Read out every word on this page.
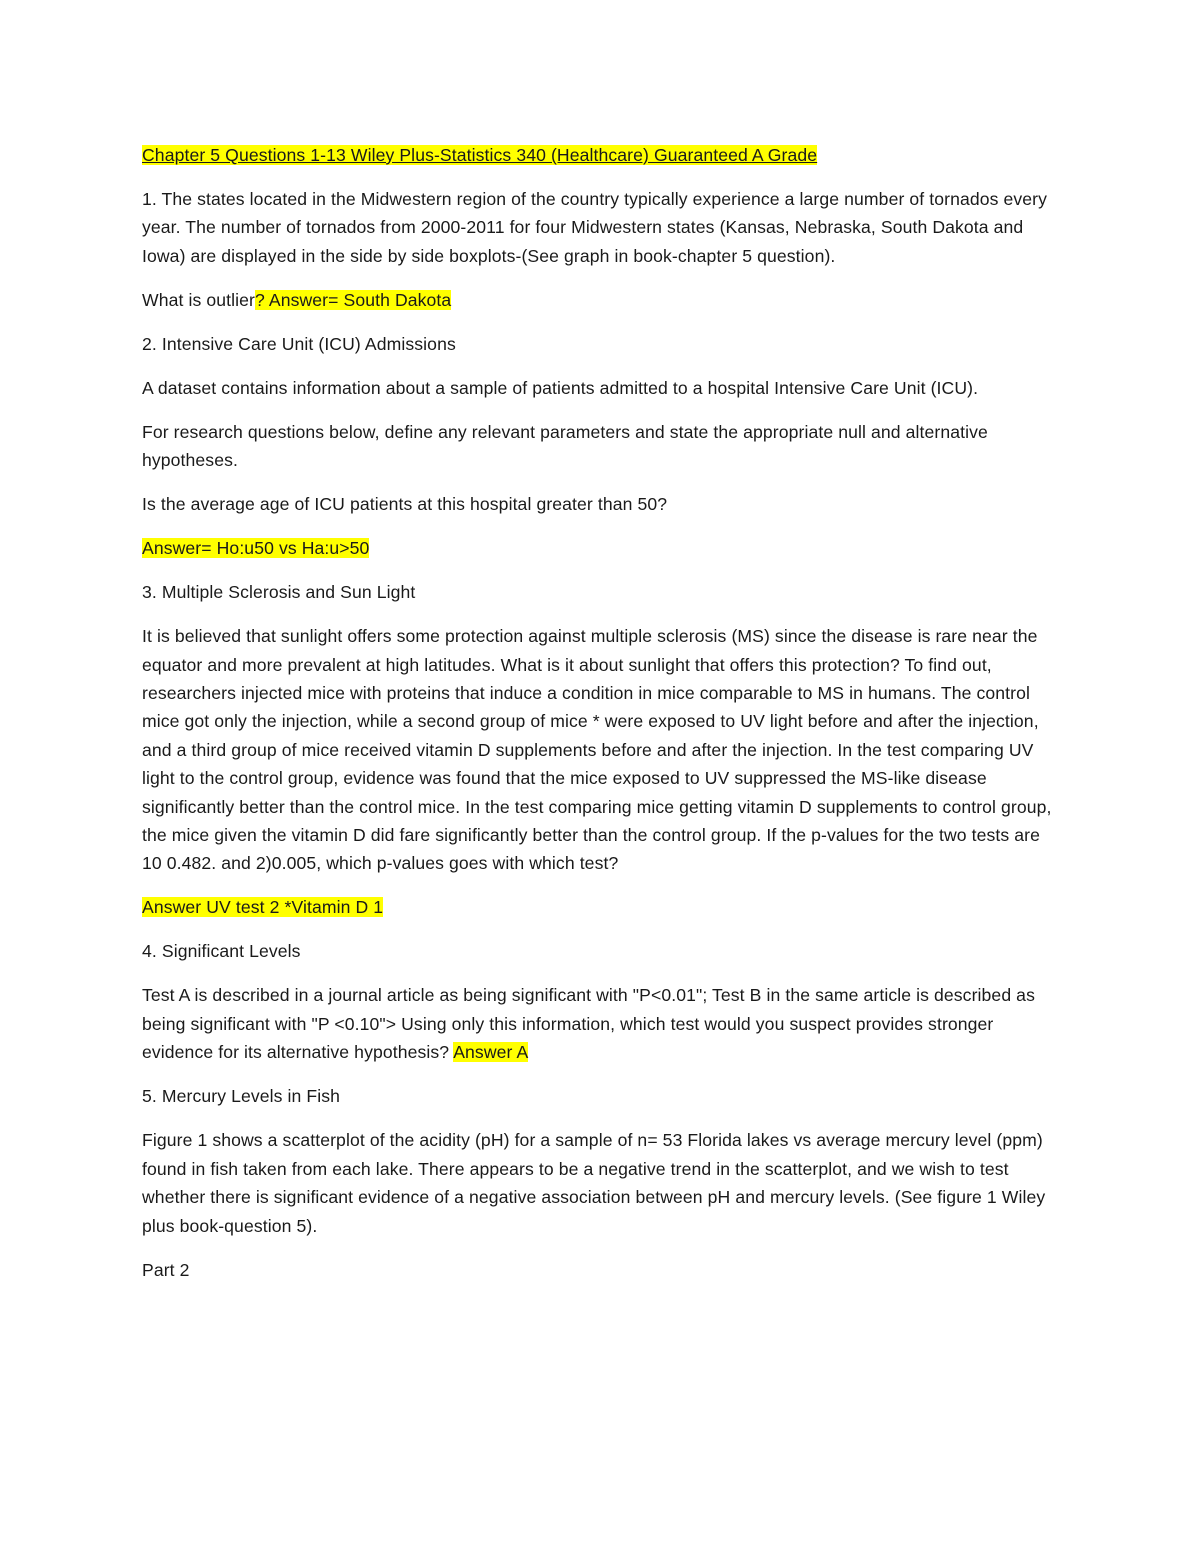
Chapter 5 Questions 1-13 Wiley Plus-Statistics 340 (Healthcare) Guaranteed A Grade

1. The states located in the Midwestern region of the country typically experience a large number of tornados every year. The number of tornados from 2000-2011 for four Midwestern states (Kansas, Nebraska, South Dakota and Iowa) are displayed in the side by side boxplots-(See graph in book-chapter 5 question).

What is outlier? Answer= South Dakota

2. Intensive Care Unit (ICU) Admissions

A dataset contains information about a sample of patients admitted to a hospital Intensive Care Unit (ICU).

For research questions below, define any relevant parameters and state the appropriate null and alternative hypotheses.

Is the average age of ICU patients at this hospital greater than 50?

Answer= Ho:u50 vs Ha:u>50

3. Multiple Sclerosis and Sun Light

It is believed that sunlight offers some protection against multiple sclerosis (MS) since the disease is rare near the equator and more prevalent at high latitudes. What is it about sunlight that offers this protection? To find out, researchers injected mice with proteins that induce a condition in mice comparable to MS in humans. The control mice got only the injection, while a second group of mice * were exposed to UV light before and after the injection, and a third group of mice received vitamin D supplements before and after the injection. In the test comparing UV light to the control group, evidence was found that the mice exposed to UV suppressed the MS-like disease significantly better than the control mice. In the test comparing mice getting vitamin D supplements to control group, the mice given the vitamin D did fare significantly better than the control group. If the p-values for the two tests are 10 0.482. and 2)0.005, which p-values goes with which test?

Answer UV test 2 *Vitamin D 1

4. Significant Levels

Test A is described in a journal article as being significant with "P<0.01"; Test B in the same article is described as being significant with "P <0.10"> Using only this information, which test would you suspect provides stronger evidence for its alternative hypothesis? Answer A

5. Mercury Levels in Fish

Figure 1 shows a scatterplot of the acidity (pH) for a sample of n= 53 Florida lakes vs average mercury level (ppm) found in fish taken from each lake. There appears to be a negative trend in the scatterplot, and we wish to test whether there is significant evidence of a negative association between pH and mercury levels. (See figure 1 Wiley plus book-question 5).

Part 2
